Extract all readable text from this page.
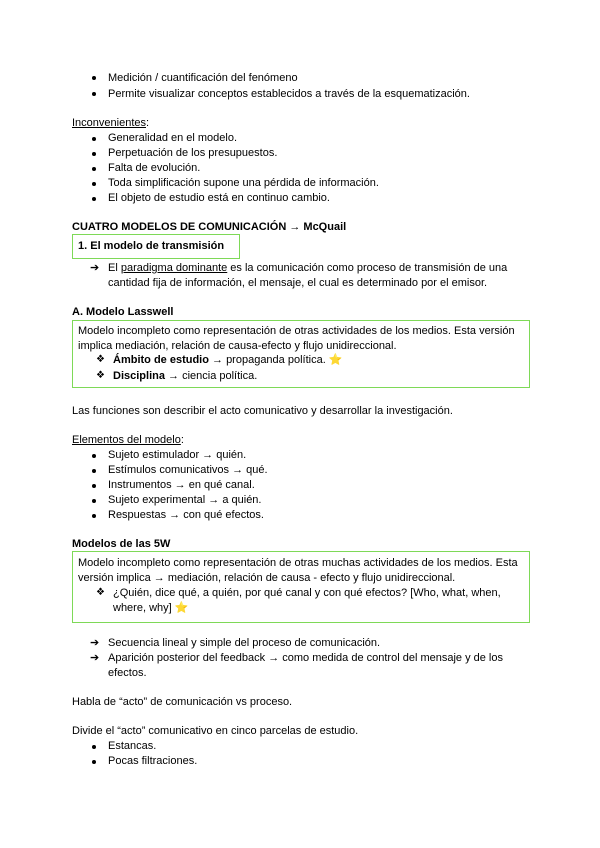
Medición / cuantificación del fenómeno
Permite visualizar conceptos establecidos a través de la esquematización.
Inconvenientes:
Generalidad en el modelo.
Perpetuación de los presupuestos.
Falta de evolución.
Toda simplificación supone una pérdida de información.
El objeto de estudio está en continuo cambio.
CUATRO MODELOS DE COMUNICACIÓN → McQuail
1. El modelo de transmisión
➔ El paradigma dominante es la comunicación como proceso de transmisión de una
cantidad fija de información, el mensaje, el cual es determinado por el emisor.
A. Modelo Lasswell
Modelo incompleto como representación de otras actividades de los medios. Esta versión
implica mediación, relación de causa-efecto y flujo unidireccional.
❖ Ámbito de estudio → propaganda política. ⭐
❖ Disciplina → ciencia política.
Las funciones son describir el acto comunicativo y desarrollar la investigación.
Elementos del modelo:
Sujeto estimulador → quién.
Estímulos comunicativos → qué.
Instrumentos → en qué canal.
Sujeto experimental → a quién.
Respuestas → con qué efectos.
Modelos de las 5W
Modelo incompleto como representación de otras muchas actividades de los medios. Esta
versión implica → mediación, relación de causa - efecto y flujo unidireccional.
❖ ¿Quién, dice qué, a quién, por qué canal y con qué efectos? [Who, what, when,
where, why] ⭐
➔ Secuencia lineal y simple del proceso de comunicación.
➔ Aparición posterior del feedback → como medida de control del mensaje y de los
efectos.
Habla de “acto” de comunicación vs proceso.
Divide el “acto” comunicativo en cinco parcelas de estudio.
Estancas.
Pocas filtraciones.
